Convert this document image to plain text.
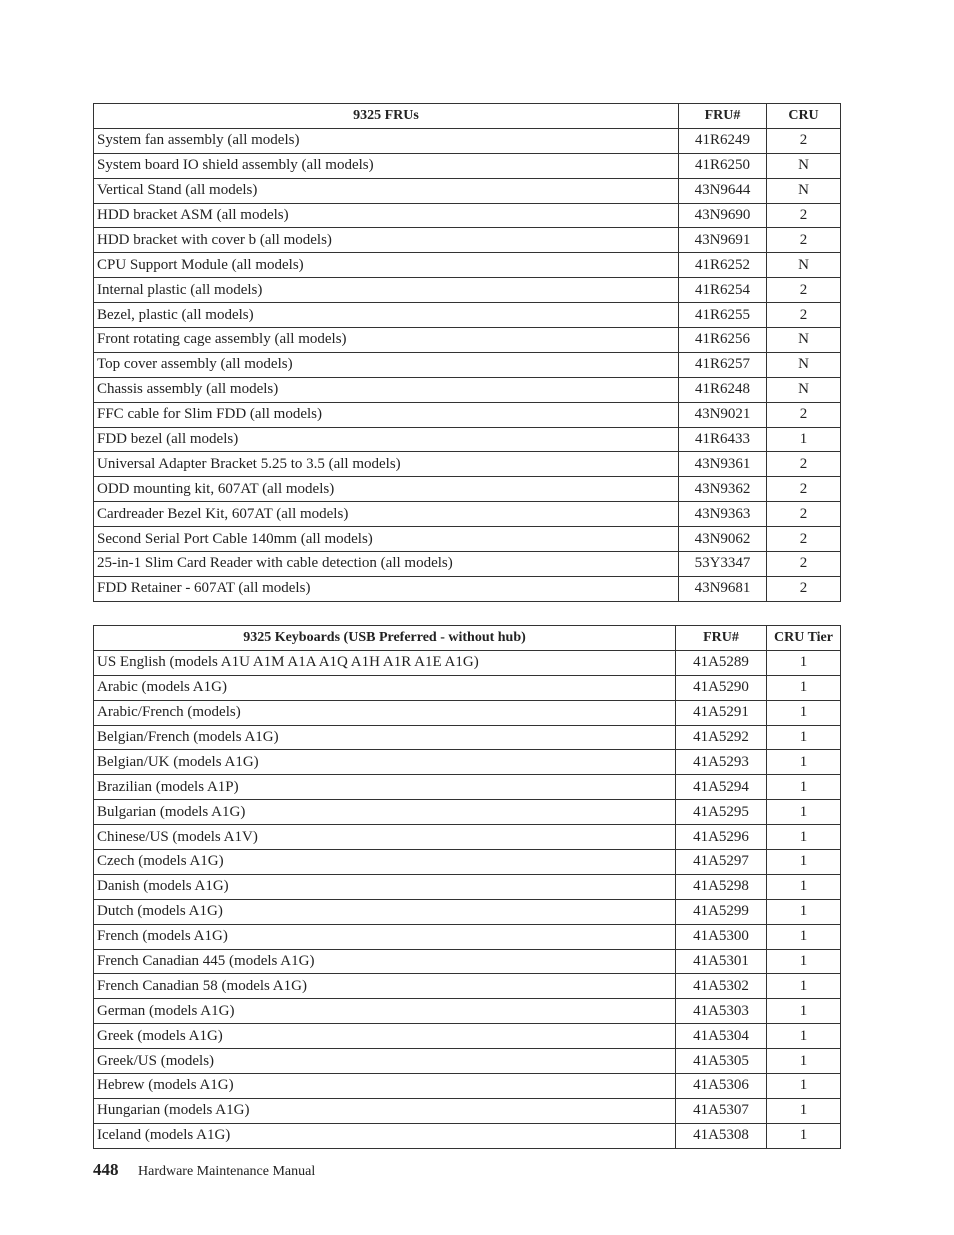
9325 FRUs	FRU#	CRU
System fan assembly (all models)	41R6249	2
System board IO shield assembly (all models)	41R6250	N
Vertical Stand (all models)	43N9644	N
HDD bracket ASM (all models)	43N9690	2
HDD bracket with cover b (all models)	43N9691	2
CPU Support Module (all models)	41R6252	N
Internal plastic (all models)	41R6254	2
Bezel, plastic (all models)	41R6255	2
Front rotating cage assembly (all models)	41R6256	N
Top cover assembly (all models)	41R6257	N
Chassis assembly (all models)	41R6248	N
FFC cable for Slim FDD (all models)	43N9021	2
FDD bezel (all models)	41R6433	1
Universal Adapter Bracket 5.25 to 3.5 (all models)	43N9361	2
ODD mounting kit, 607AT (all models)	43N9362	2
Cardreader Bezel Kit, 607AT (all models)	43N9363	2
Second Serial Port Cable 140mm (all models)	43N9062	2
25-in-1 Slim Card Reader with cable detection (all models)	53Y3347	2
FDD Retainer - 607AT (all models)	43N9681	2
9325 Keyboards (USB Preferred - without hub)	FRU#	CRU Tier
US English (models A1U A1M A1A A1Q A1H A1R A1E A1G)	41A5289	1
Arabic (models A1G)	41A5290	1
Arabic/French (models)	41A5291	1
Belgian/French (models A1G)	41A5292	1
Belgian/UK (models A1G)	41A5293	1
Brazilian (models A1P)	41A5294	1
Bulgarian (models A1G)	41A5295	1
Chinese/US (models A1V)	41A5296	1
Czech (models A1G)	41A5297	1
Danish (models A1G)	41A5298	1
Dutch (models A1G)	41A5299	1
French (models A1G)	41A5300	1
French Canadian 445 (models A1G)	41A5301	1
French Canadian 58 (models A1G)	41A5302	1
German (models A1G)	41A5303	1
Greek (models A1G)	41A5304	1
Greek/US (models)	41A5305	1
Hebrew (models A1G)	41A5306	1
Hungarian (models A1G)	41A5307	1
Iceland (models A1G)	41A5308	1
448 Hardware Maintenance Manual
